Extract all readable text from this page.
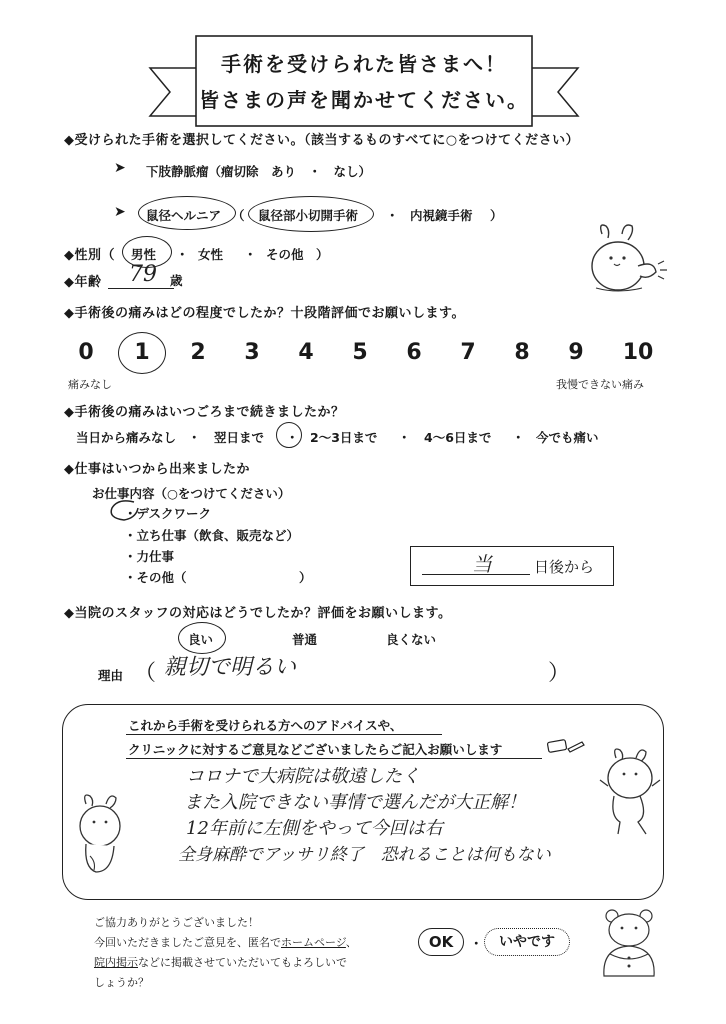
手術を受けられた皆さまへ！
皆さまの声を聞かせてください。
◆受けられた手術を選択してください。（該当するものすべてに○をつけてください）
➤ 下肢静脈瘤（瘤切除　あり　・　なし）
➤ 鼠径ヘルニア （ 鼠径部小切開手術 ・ 内視鏡手術 ）
◆性別（ 男性 ・ 女性 ・ その他 ）
◆年齢	79	歳
◆手術後の痛みはどの程度でしたか？十段階評価でお願いします。
0	1	2	3	4	5	6	7	8	9	10
痛みなし	我慢できない痛み
◆手術後の痛みはいつごろまで続きましたか？
当日から痛みなし ・ 翌日まで ・ 2～3日まで ・ 4～6日まで ・ 今でも痛い
◆仕事はいつから出来ましたか
お仕事内容（○をつけてください）
・デスクワーク
・立ち仕事（飲食、販売など）
・力仕事
・その他（　　　　　　　　　）
当	日後から
◆当院のスタッフの対応はどうでしたか？評価をお願いします。
良い	普通	良くない
理由 （ 親切で明るい	）
これから手術を受けられる方へのアドバイスや、
クリニックに対するご意見などございましたらご記入お願いします
コロナで大病院は敬遠したく
また入院できない事情で選んだが大正解！
12年前に左側をやって今回は右
全身麻酔でアッサリ終了　恐れることは何もない
ご協力ありがとうございました！
今回いただきましたご意見を、匿名でホームページ、
院内掲示などに掲載させていただいてもよろしいで
しょうか？
OK	・	いやです
